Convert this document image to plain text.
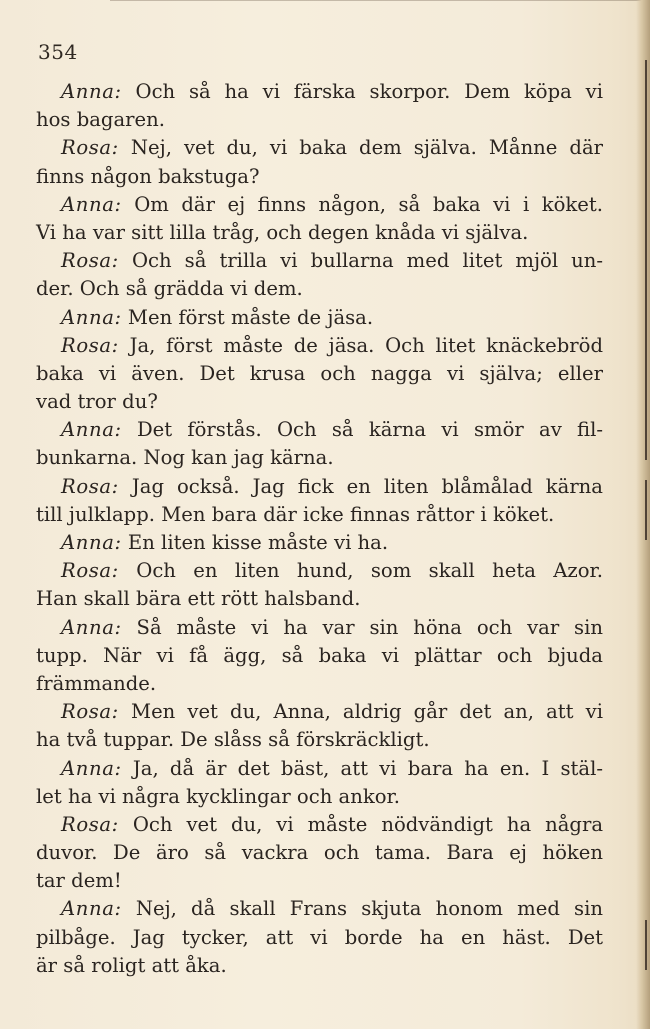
354
Anna: Och så ha vi färska skorpor. Dem köpa vi
hos bagaren.
Rosa: Nej, vet du, vi baka dem själva. Månne där
finns någon bakstuga?
Anna: Om där ej finns någon, så baka vi i köket.
Vi ha var sitt lilla tråg, och degen knåda vi själva.
Rosa: Och så trilla vi bullarna med litet mjöl un-
der. Och så grädda vi dem.
Anna: Men först måste de jäsa.
Rosa: Ja, först måste de jäsa. Och litet knäckebröd
baka vi även. Det krusa och nagga vi själva; eller
vad tror du?
Anna: Det förstås. Och så kärna vi smör av fil-
bunkarna. Nog kan jag kärna.
Rosa: Jag också. Jag fick en liten blåmålad kärna
till julklapp. Men bara där icke finnas råttor i köket.
Anna: En liten kisse måste vi ha.
Rosa: Och en liten hund, som skall heta Azor.
Han skall bära ett rött halsband.
Anna: Så måste vi ha var sin höna och var sin
tupp. När vi få ägg, så baka vi plättar och bjuda
främmande.
Rosa: Men vet du, Anna, aldrig går det an, att vi
ha två tuppar. De slåss så förskräckligt.
Anna: Ja, då är det bäst, att vi bara ha en. I stäl-
let ha vi några kycklingar och ankor.
Rosa: Och vet du, vi måste nödvändigt ha några
duvor. De äro så vackra och tama. Bara ej höken
tar dem!
Anna: Nej, då skall Frans skjuta honom med sin
pilbåge. Jag tycker, att vi borde ha en häst. Det
är så roligt att åka.
